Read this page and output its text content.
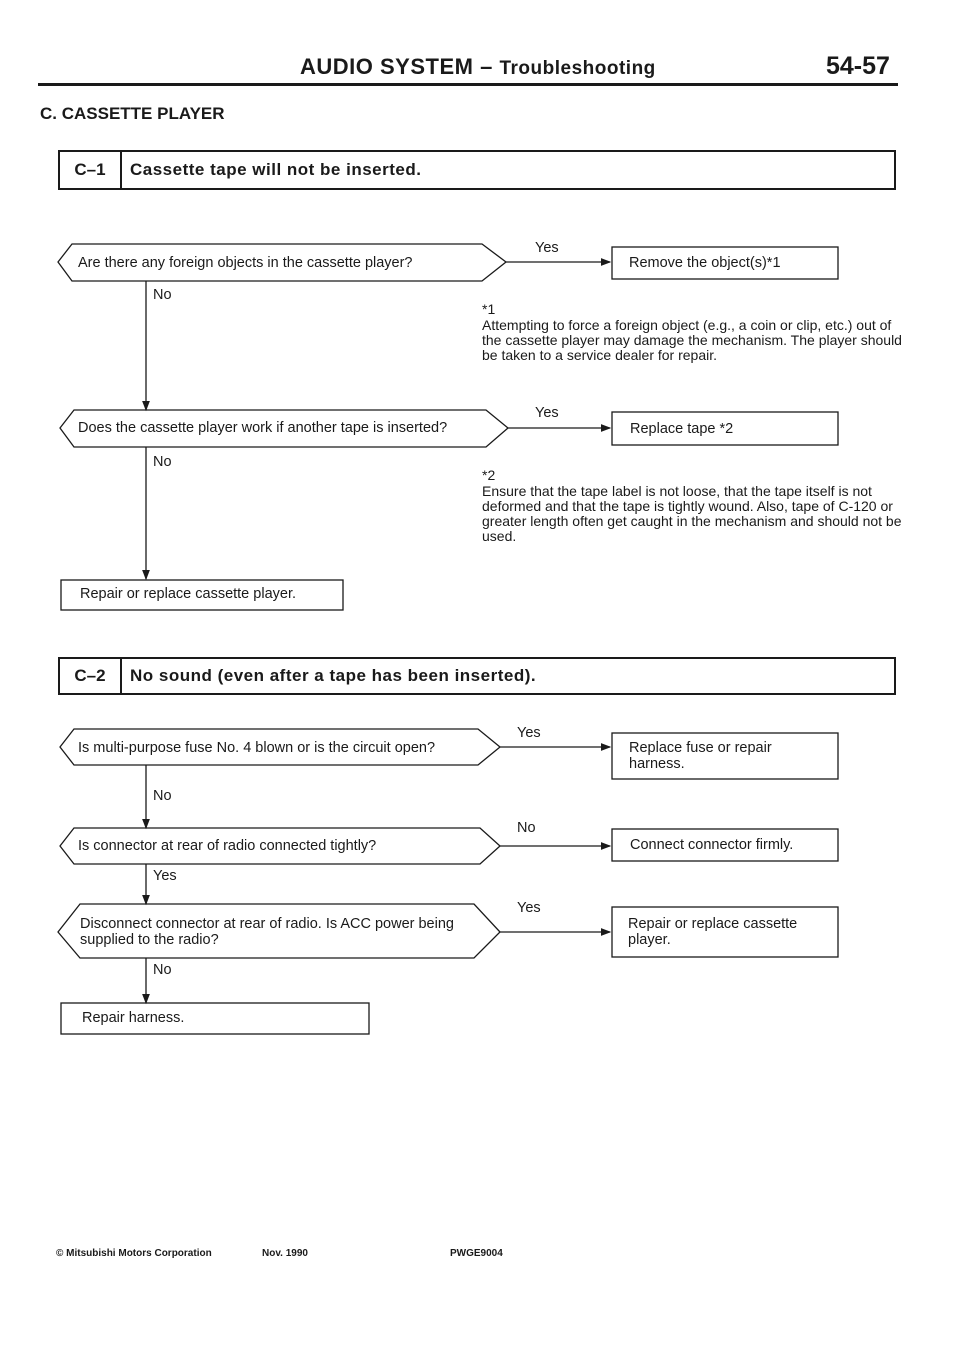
AUDIO SYSTEM – Troubleshooting	54-57
C. CASSETTE PLAYER
C–1	Cassette tape will not be inserted.
Are there any foreign objects in the cassette player?
Yes
Remove the object(s)*1
No
*1
Attempting to force a foreign object (e.g., a coin or clip, etc.) out of the cassette player may damage the mechanism. The player should be taken to a service dealer for repair.
Does the cassette player work if another tape is inserted?
Yes
Replace tape *2
No
*2
Ensure that the tape label is not loose, that the tape itself is not deformed and that the tape is tightly wound. Also, tape of C-120 or greater length often get caught in the mechanism and should not be used.
Repair or replace cassette player.
C–2	No sound (even after a tape has been inserted).
Is multi-purpose fuse No. 4 blown or is the circuit open?
Yes
Replace fuse or repair harness.
No
Is connector at rear of radio connected tightly?
No
Connect connector firmly.
Yes
Disconnect connector at rear of radio. Is ACC power being supplied to the radio?
Yes
Repair or replace cassette player.
No
Repair harness.
© Mitsubishi Motors Corporation	Nov. 1990	PWGE9004
